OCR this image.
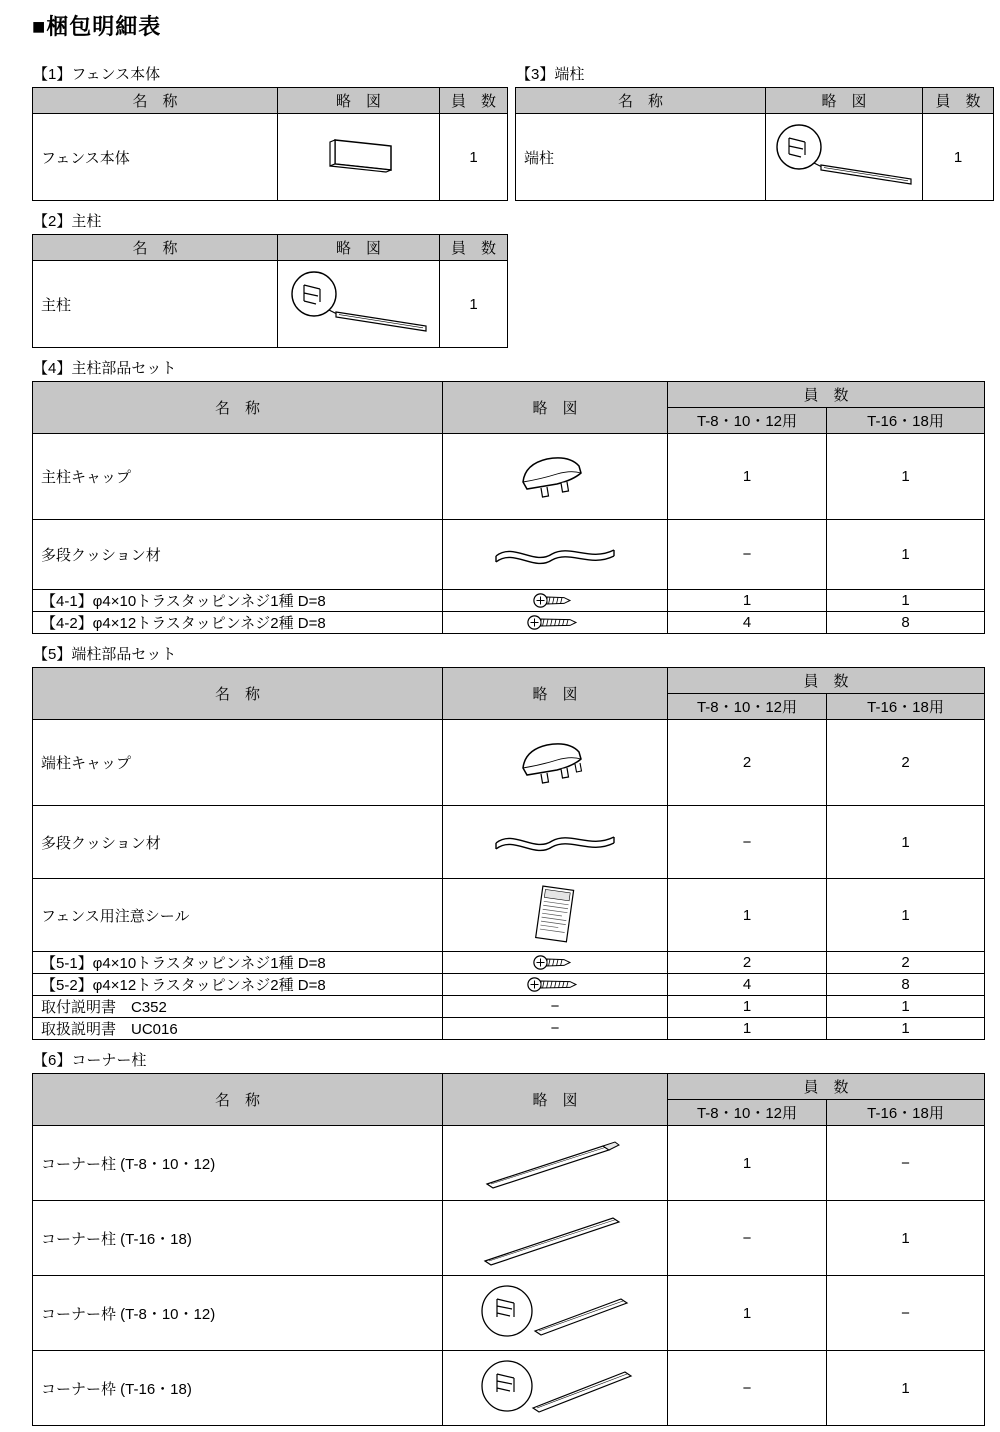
■梱包明細表
【1】フェンス本体
名　称	略　図	員　数
フェンス本体		1
【2】主柱
名　称	略　図	員　数
主柱		1
【3】端柱
名　称	略　図	員　数
端柱		1
【4】主柱部品セット
名　称	略　図	員　数	
		T-8・10・12用	T-16・18用
主柱キャップ		1	1
多段クッション材		−	1
【4-1】φ4×10トラスタッピンネジ1種 D=8		1	1
【4-2】φ4×12トラスタッピンネジ2種 D=8		4	8
【5】端柱部品セット
名　称	略　図	員　数	
		T-8・10・12用	T-16・18用
端柱キャップ		2	2
多段クッション材		−	1
フェンス用注意シール		1	1
【5-1】φ4×10トラスタッピンネジ1種 D=8		2	2
【5-2】φ4×12トラスタッピンネジ2種 D=8		4	8
取付説明書　C352	−	1	1
取扱説明書　UC016	−	1	1
【6】コーナー柱
名　称	略　図	員　数	
		T-8・10・12用	T-16・18用
コーナー柱 (T-8・10・12)		1	−
コーナー柱 (T-16・18)		−	1
コーナー枠 (T-8・10・12)		1	−
コーナー枠 (T-16・18)		−	1
